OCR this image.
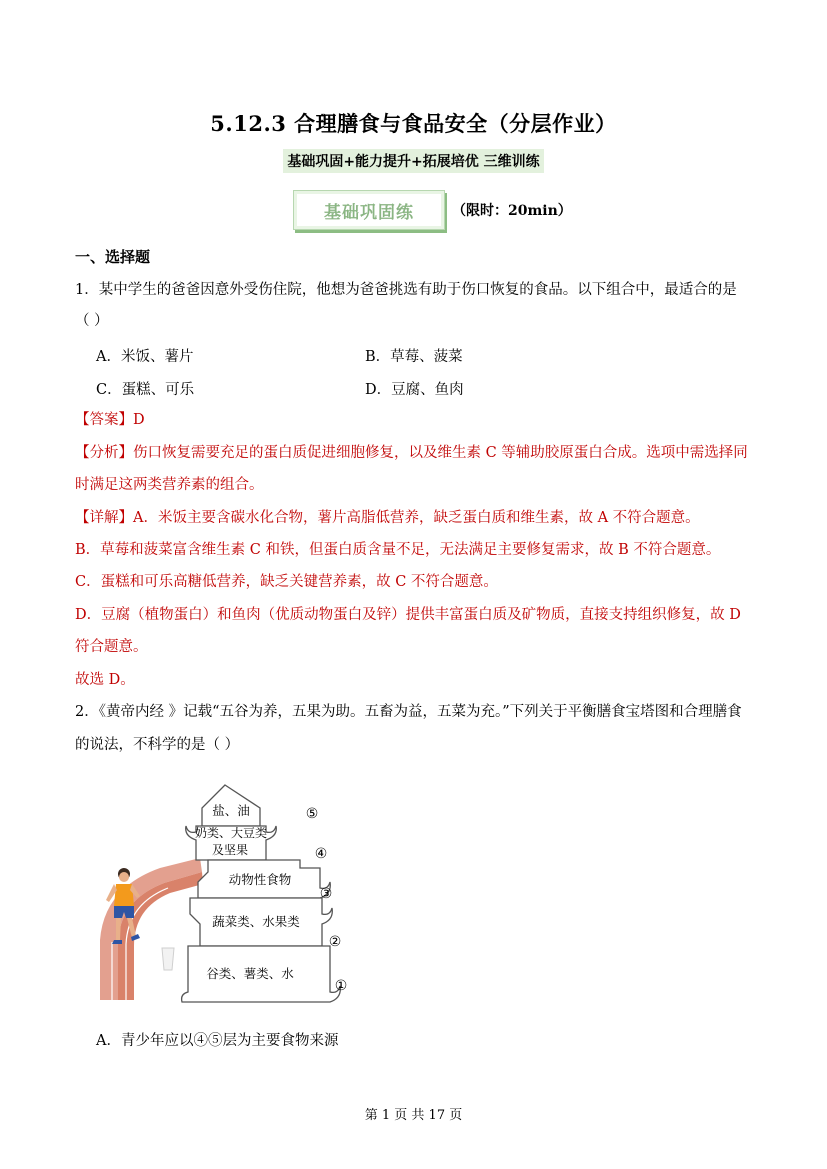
5.12.3 合理膳食与食品安全（分层作业）
基础巩固+能力提升+拓展培优 三维训练
基础巩固练	（限时：20min）
一、选择题
1．某中学生的爸爸因意外受伤住院，他想为爸爸挑选有助于伤口恢复的食品。以下组合中，最适合的是
（ ）
A．米饭、薯片	B．草莓、菠菜
C．蛋糕、可乐	D．豆腐、鱼肉
【答案】D
【分析】伤口恢复需要充足的蛋白质促进细胞修复，以及维生素 C 等辅助胶原蛋白合成。选项中需选择同
时满足这两类营养素的组合。
【详解】A．米饭主要含碳水化合物，薯片高脂低营养，缺乏蛋白质和维生素，故 A 不符合题意。
B．草莓和菠菜富含维生素 C 和铁，但蛋白质含量不足，无法满足主要修复需求，故 B 不符合题意。
C．蛋糕和可乐高糖低营养，缺乏关键营养素，故 C 不符合题意。
D．豆腐（植物蛋白）和鱼肉（优质动物蛋白及锌）提供丰富蛋白质及矿物质，直接支持组织修复，故 D
符合题意。
故选 D。
2．《黄帝内经 》记载“五谷为养，五果为助。五畜为益，五菜为充。”下列关于平衡膳食宝塔图和合理膳食
的说法，不科学的是（ ）
盐、油
奶类、大豆类
及坚果
动物性食物
蔬菜类、水果类
谷类、薯类、水
⑤
④
③
②
①
A．青少年应以④⑤层为主要食物来源
第 1 页 共 17 页
